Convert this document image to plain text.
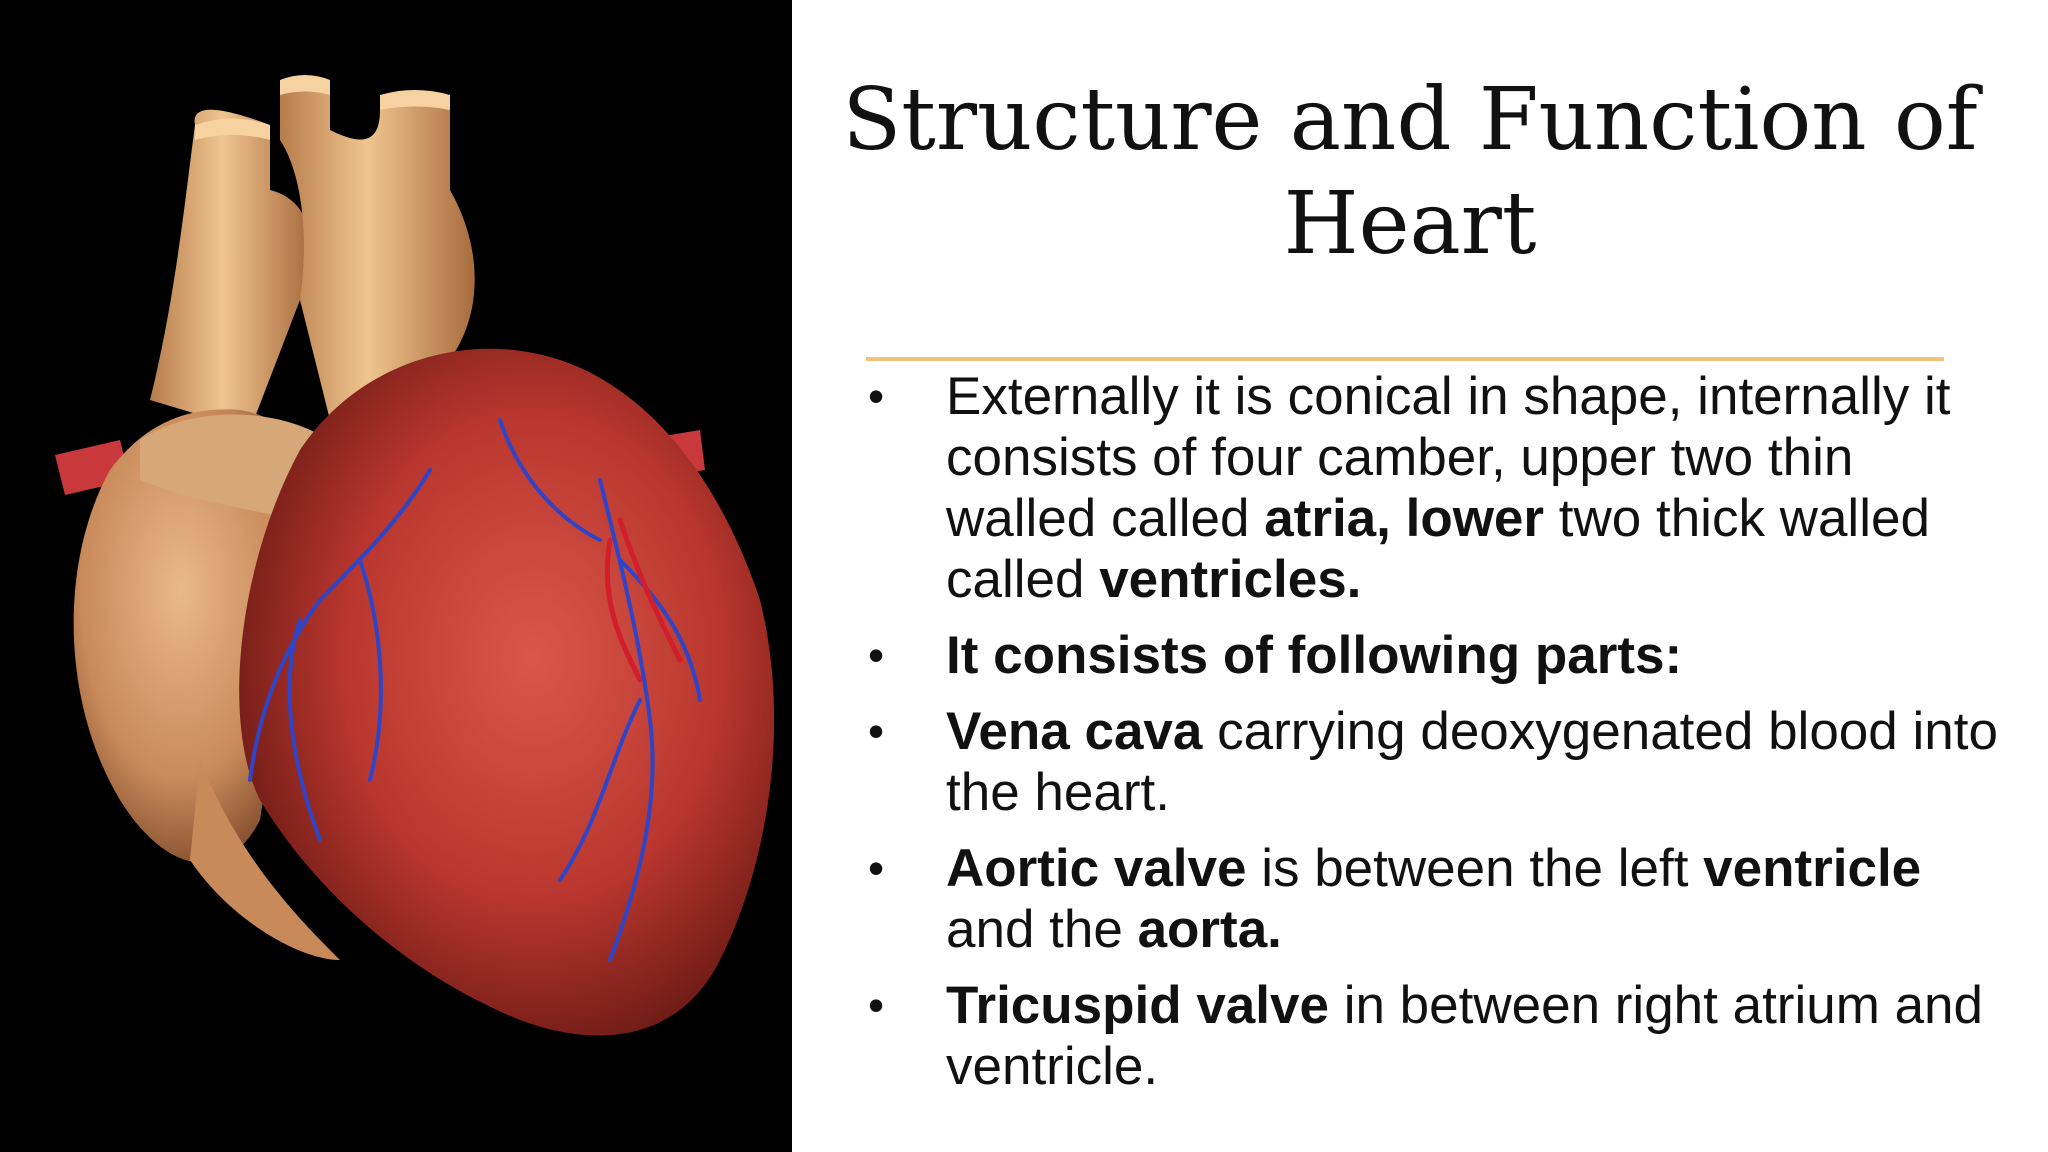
Structure and Function of Heart
• Externally it is conical in shape, internally it consists of four camber, upper two thin walled called atria, lower two thick walled called ventricles.
• It consists of following parts:
• Vena cava carrying deoxygenated blood into the heart.
• Aortic valve is between the left ventricle and the aorta.
• Tricuspid valve in between right atrium and ventricle.
